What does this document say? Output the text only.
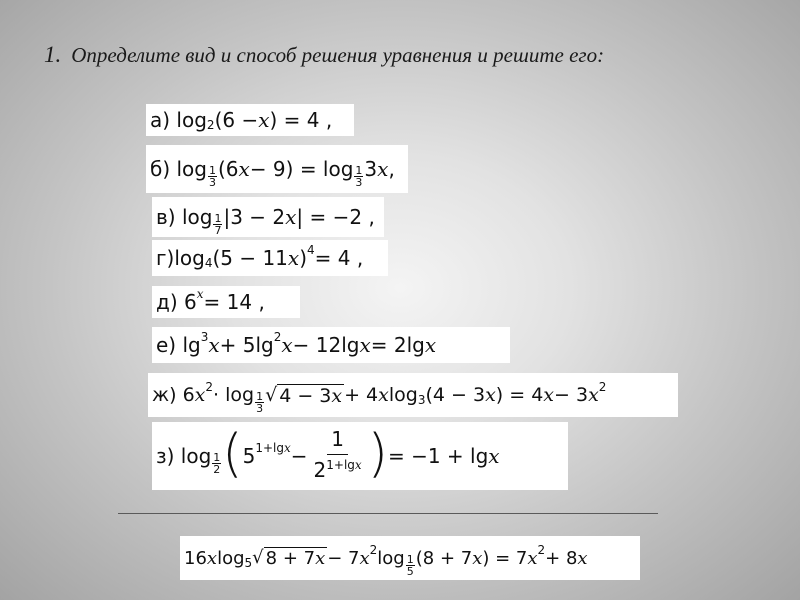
1. Определите вид и способ решения уравнения и решите его:
а) log 2 (6 − x ) = 4 ,
б) $\log \frac{1}{3} (6$ $x - 9) = \log \frac{1}{3} 3$ x ,
в) $\log \frac{1}{7} |3 - 2$ x | = −2 ,
г) log 4 (5 − 11 x ) 4 = 4 ,
д) 6 x = 14 ,
е) lg 3 x + 5lg 2 x − 12lg x = 2lg x
ж) 6 x $2 \cdot \log \frac{1}{3}$ √ 4 − 3x + 4 x log 3 (4 − 3 x ) = 4 x − 3 x 2
з) $\log \frac{1}{2}$ ( 5 1+lgx −
1
$2^{1+lgx}$ ) = −1 + lg x
16 x log 5 √ 8 + 7x − 7 x 2 $\log \frac{1}{5} (8 + 7$ x ) = 7 x 2 + 8 x
